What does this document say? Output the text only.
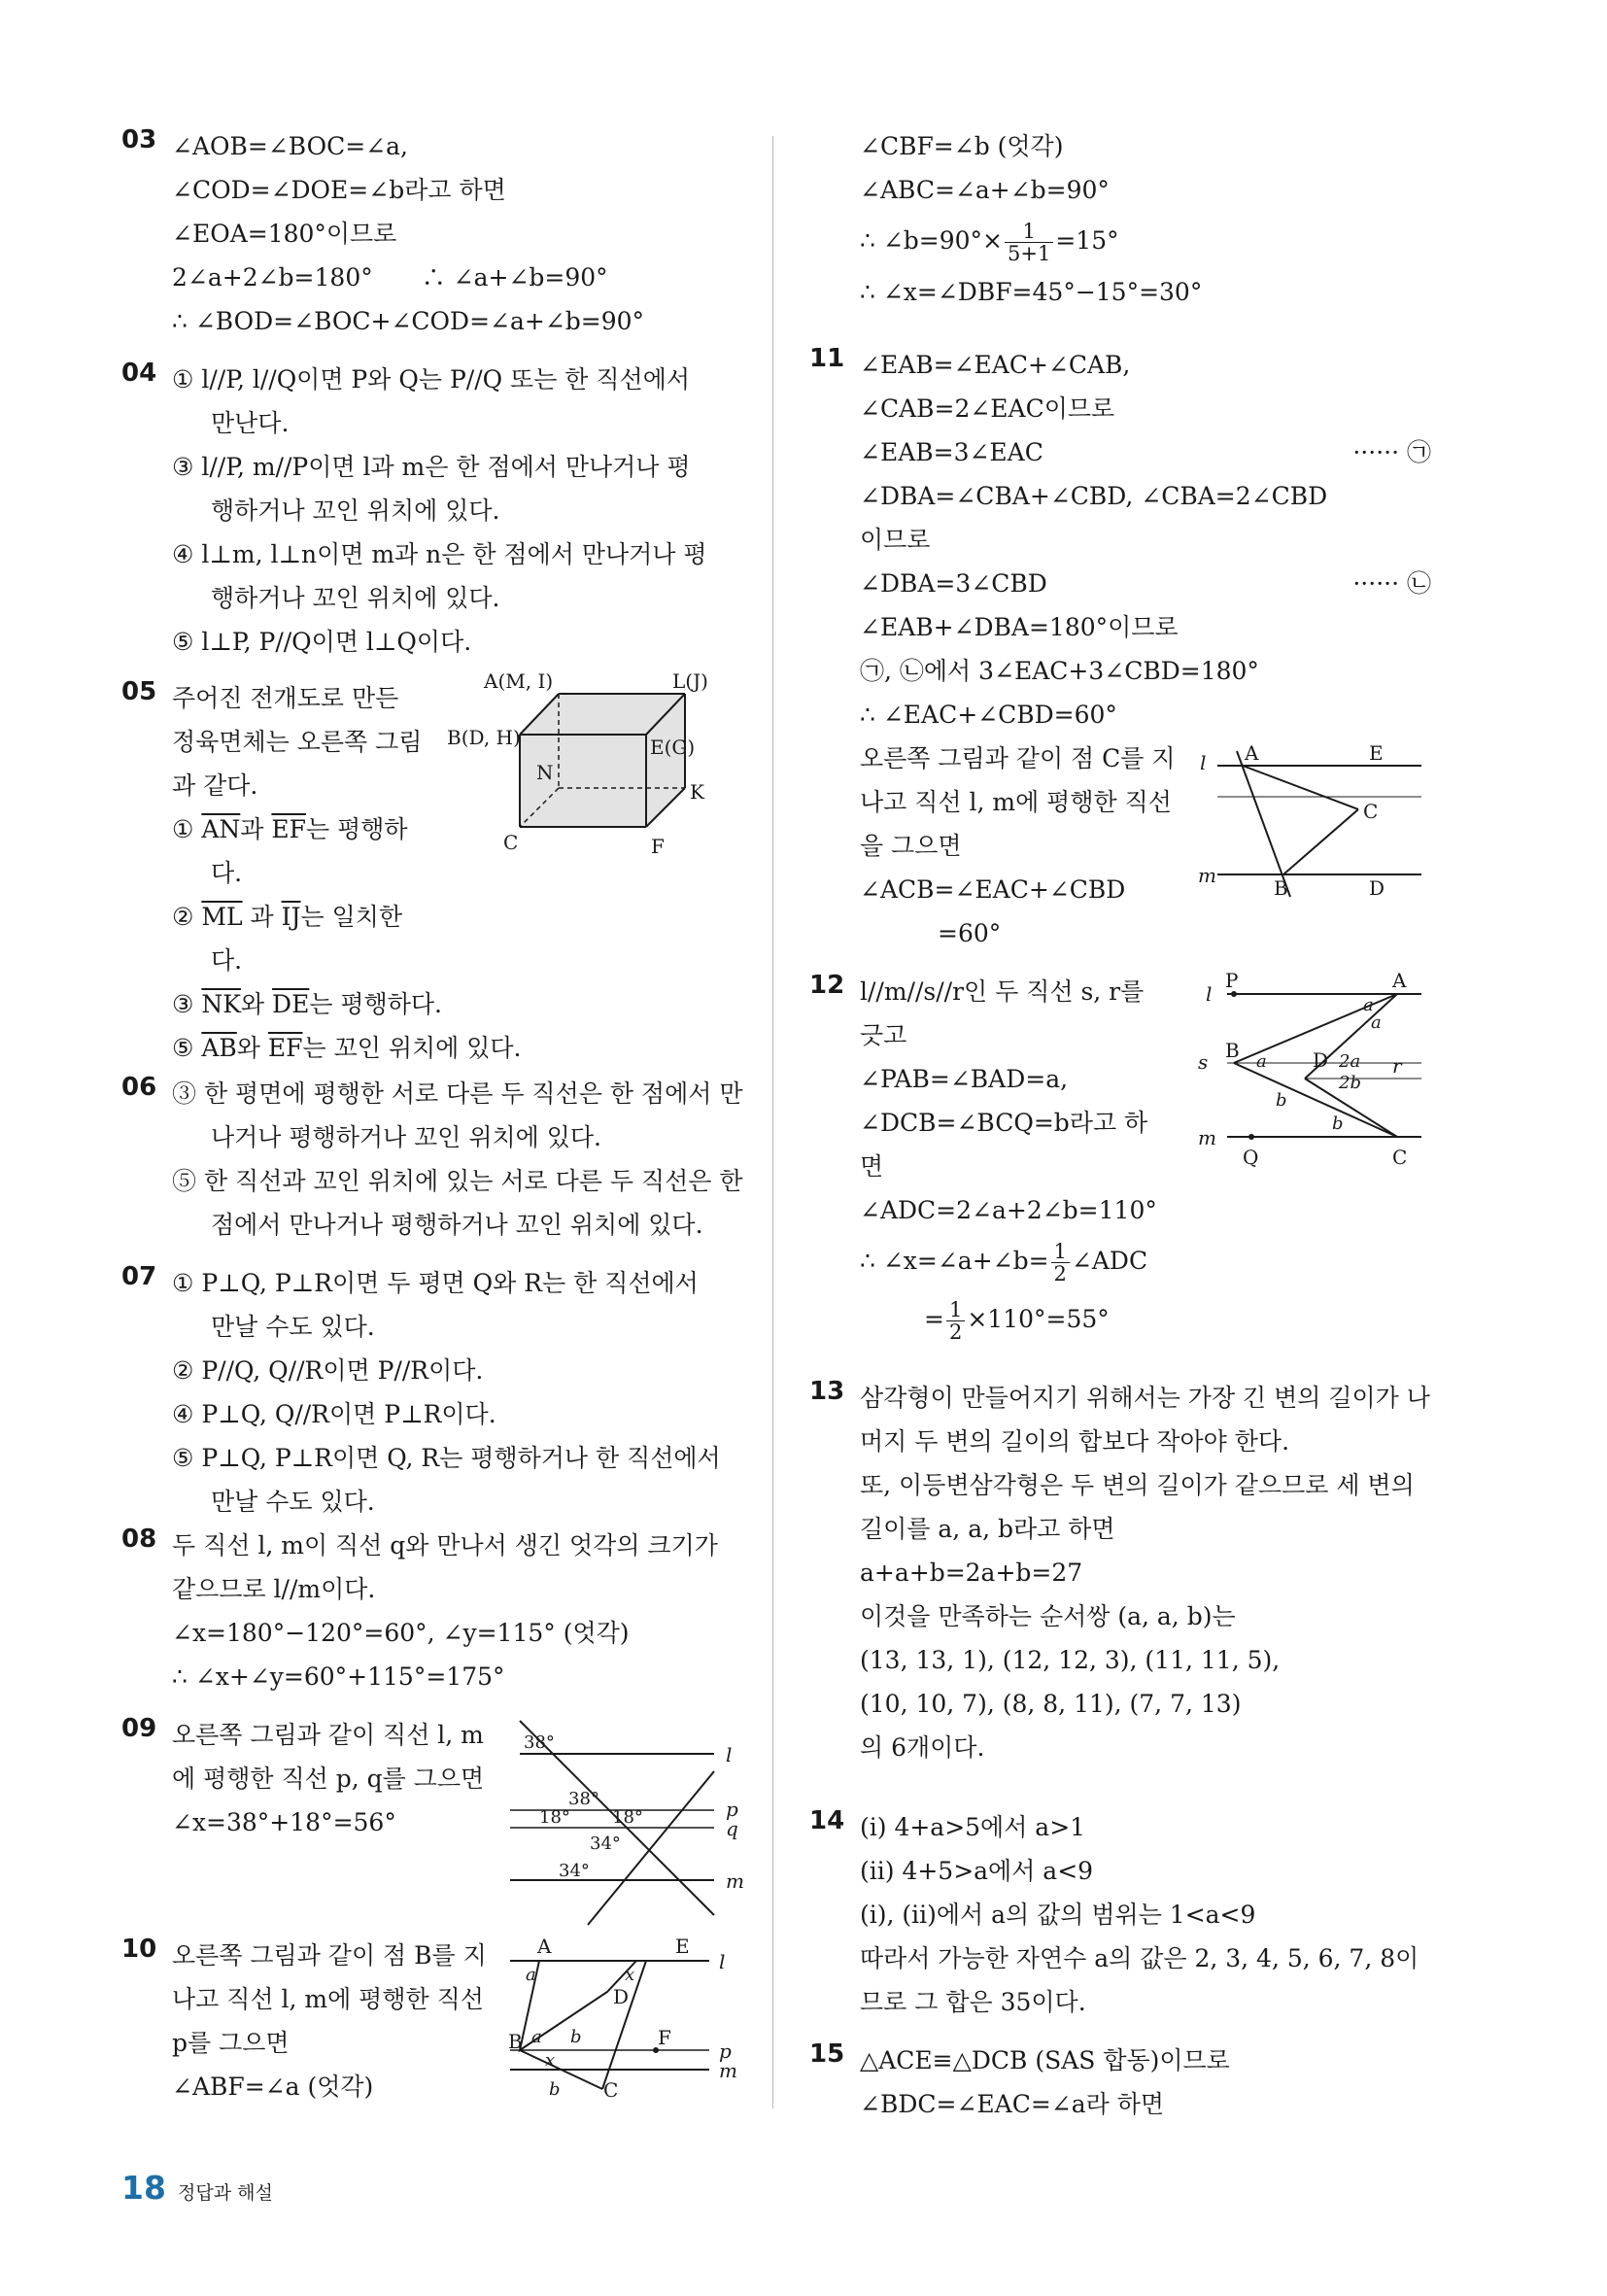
03 ∠AOB=∠BOC=∠a,
∠COD=∠DOE=∠b라고 하면
∠EOA=180°이므로
2∠a+2∠b=180°　　∴ ∠a+∠b=90°
∴ ∠BOD=∠BOC+∠COD=∠a+∠b=90°
04 ① l//P, l//Q이면 P와 Q는 P//Q 또는 한 직선에서
만난다.
③ l//P, m//P이면 l과 m은 한 점에서 만나거나 평
행하거나 꼬인 위치에 있다.
④ l⊥m, l⊥n이면 m과 n은 한 점에서 만나거나 평
행하거나 꼬인 위치에 있다.
⑤ l⊥P, P//Q이면 l⊥Q이다.
05 주어진 전개도로 만든
정육면체는 오른쪽 그림
과 같다.
① $\overline{AN}$과 $\overline{EF}$는 평행하
다.
② $\overline{ML}$ 과 $\overline{IJ}$는 일치한
다.
③ $\overline{NK}$와 $\overline{DE}$는 평행하다.
⑤ $\overline{AB}$와 $\overline{EF}$는 꼬인 위치에 있다.
A(M, I)	L(J)
B(D, H)	E(G)
N
K
C	F
06 ③ 한 평면에 평행한 서로 다른 두 직선은 한 점에서 만
나거나 평행하거나 꼬인 위치에 있다.
⑤ 한 직선과 꼬인 위치에 있는 서로 다른 두 직선은 한
점에서 만나거나 평행하거나 꼬인 위치에 있다.
07 ① P⊥Q, P⊥R이면 두 평면 Q와 R는 한 직선에서
만날 수도 있다.
② P//Q, Q//R이면 P//R이다.
④ P⊥Q, Q//R이면 P⊥R이다.
⑤ P⊥Q, P⊥R이면 Q, R는 평행하거나 한 직선에서
만날 수도 있다.
08 두 직선 l, m이 직선 q와 만나서 생긴 엇각의 크기가
같으므로 l//m이다.
∠x=180°−120°=60°, ∠y=115° (엇각)
∴ ∠x+∠y=60°+115°=175°
09 오른쪽 그림과 같이 직선 l, m
에 평행한 직선 p, q를 그으면
∠x=38°+18°=56°
38°
l
38°
18° 18°	p
q
34°
34°	m
10 오른쪽 그림과 같이 점 B를 지
나고 직선 l, m에 평행한 직선
p를 그으면
∠ABF=∠a (엇각)
A	E
l
a	x
D
B a b	F
p
x
b C
m
∠CBF=∠b (엇각)
∠ABC=∠a+∠b=90°
∴ ∠b=90°× $\frac{1}{5+1} =15^\circ$
∴ ∠x=∠DBF=45°−15°=30°
11 ∠EAB=∠EAC+∠CAB,
∠CAB=2∠EAC이므로
∠EAB=3∠EAC	······ ㉠
∠DBA=∠CBA+∠CBD, ∠CBA=2∠CBD
이므로
∠DBA=3∠CBD	······ ㉡
∠EAB+∠DBA=180°이므로
㉠, ㉡에서 3∠EAC+3∠CBD=180°
∴ ∠EAC+∠CBD=60°
오른쪽 그림과 같이 점 C를 지
나고 직선 l, m에 평행한 직선
을 그으면
∠ACB=∠EAC+∠CBD
=60°
l A	E
C
m
B	D
12 l//m//s//r인 두 직선 s, r를
긋고
∠PAB=∠BAD=a,
∠DCB=∠BCQ=b라고 하
면
∠ADC=2∠a+2∠b=110°
∴ ∠x=∠a+∠b= $\frac{1}{2}$ ∠ADC
= $\frac{1}{2} \times 110^\circ=55^\circ$
l
P	A
a
a
s B a D 2a
2b
r
b
b
m
Q	C
13 삼각형이 만들어지기 위해서는 가장 긴 변의 길이가 나
머지 두 변의 길이의 합보다 작아야 한다.
또, 이등변삼각형은 두 변의 길이가 같으므로 세 변의
길이를 a, a, b라고 하면
a+a+b=2a+b=27
이것을 만족하는 순서쌍 (a, a, b)는
(13, 13, 1), (12, 12, 3), (11, 11, 5),
(10, 10, 7), (8, 8, 11), (7, 7, 13)
의 6개이다.
14 (i) 4+a>5에서 a>1
(ii) 4+5>a에서 a<9
(i), (ii)에서 a의 값의 범위는 1<a<9
따라서 가능한 자연수 a의 값은 2, 3, 4, 5, 6, 7, 8이
므로 그 합은 35이다.
15 △ACE≡△DCB (SAS 합동)이므로
∠BDC=∠EAC=∠a라 하면
18 정답과 해설
